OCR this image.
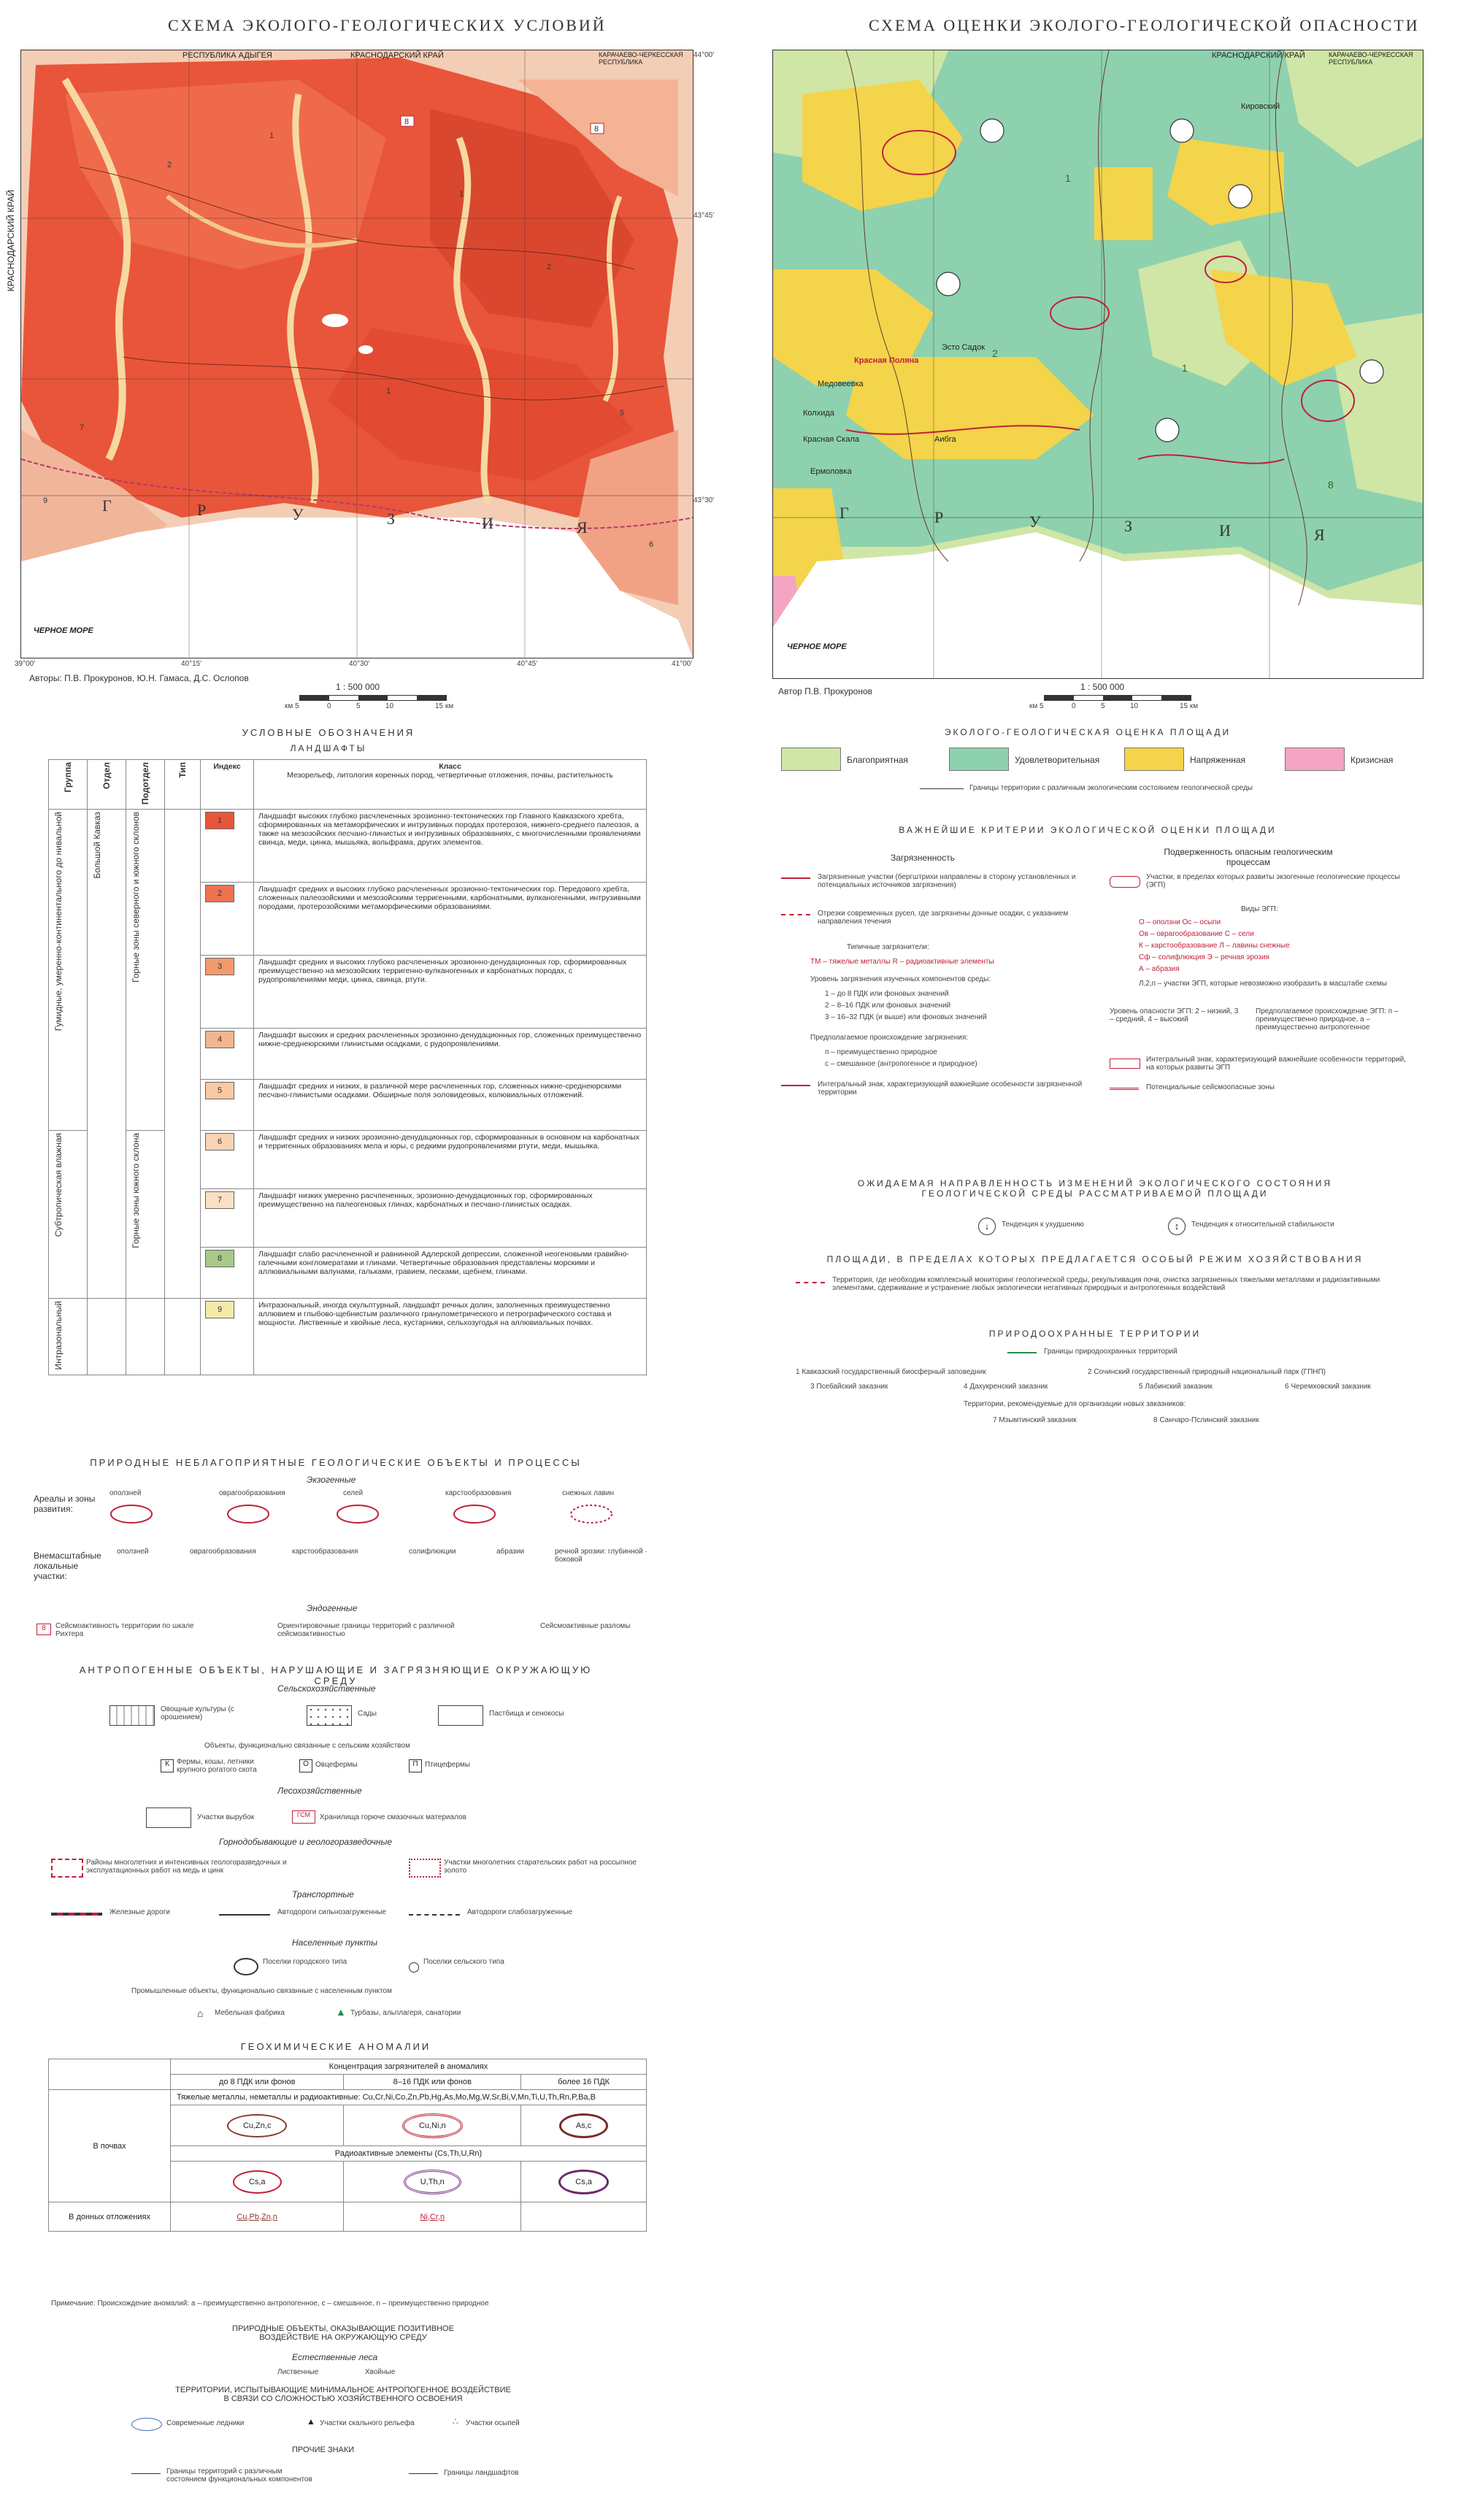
СХЕМА ЭКОЛОГО-ГЕОЛОГИЧЕСКИХ УСЛОВИЙ
8
8
2
1
1
2
1
5
7
9
6
РЕСПУБЛИКА АДЫГЕЯ	КРАСНОДАРСКИЙ КРАЙ	КАРАЧАЕВО-ЧЕРКЕССКАЯ РЕСПУБЛИКА
КРАСНОДАРСКИЙ КРАЙ
ЧЕРНОЕ МОРЕ
Г	Р	У	З	И	Я
40°15'	40°30'	40°45'
39°00'	41°00'
44°00'
43°45'
43°30'
Авторы: П.В. Прокуронов, Ю.Н. Гамаса, Д.С. Ослопов
1 : 500 000
км 5	0	5	10	15 км
СХЕМА ОЦЕНКИ ЭКОЛОГО-ГЕОЛОГИЧЕСКОЙ ОПАСНОСТИ
1
2
1
8
КРАСНОДАРСКИЙ КРАЙ	КАРАЧАЕВО-ЧЕРКЕССКАЯ РЕСПУБЛИКА
Кировский
Красная Поляна
Эсто Садок
Медовеевка
Красная Скала	Аибга
Ермоловка
Колхида
ЧЕРНОЕ МОРЕ
Г	Р	У	З	И	Я
Автор П.В. Прокуронов	1 : 500 000
км 5	0	5	10	15 км
УСЛОВНЫЕ ОБОЗНАЧЕНИЯ
ЛАНДШАФТЫ
Группа	Отдел	Подотдел	Тип	Индекс	Класс
Мезорельеф, литология коренных пород, четвертичные отложения, почвы, растительность

Гумидные, умеренно-континентального до нивальной	Большой Кавказ	Горные зоны северного и южного склонов		1	Ландшафт высоких глубоко расчлененных эрозионно-тектонических гор Главного Кавказского хребта, сформированных на метаморфических и интрузивных породах протерозоя, нижнего-среднего палеозоя, а также на мезозойских песчано-глинистых и интрузивных образованиях, с многочисленными проявлениями свинца, меди, цинка, мышьяка, вольфрама, других элементов.
				2	Ландшафт средних и высоких глубоко расчлененных эрозионно-тектонических гор. Передового хребта, сложенных палеозойскими и мезозойскими терригенными, карбонатными, вулканогенными, интрузивными породами, протерозойскими метаморфическими образованиями.
				3	Ландшафт средних и высоких глубоко расчлененных эрозионно-денудационных гор, сформированных преимущественно на мезозойских терригенно-вулканогенных и карбонатных породах, с рудопроявлениями меди, цинка, свинца, ртути.
				4	Ландшафт высоких и средних расчлененных эрозионно-денудационных гор, сложенных преимущественно нижне-среднеюрскими глинистыми осадками, с рудопроявлениями.
				5	Ландшафт средних и низких, в различной мере расчлененных гор, сложенных нижне-среднеюрскими песчано-глинистыми осадками. Обширные поля эоловидеовых, колювиальных отложений.
Субтропическая влажная		Горные зоны южного склона		6	Ландшафт средних и низких эрозионно-денудационных гор, сформированных в основном на карбонатных и терригенных образованиях мела и юры, с редкими рудопроявлениями ртути, меди, мышьяка.
				7	Ландшафт низких умеренно расчлененных, эрозионно-денудационных гор, сформированных преимущественно на палеогеновых глинах, карбонатных и песчано-глинистых осадках.
				8	Ландшафт слабо расчлененной и равнинной Адлерской депрессии, сложенной неогеновыми гравийно-галечными конгломератами и глинами. Четвертичные образования представлены морскими и аллювиальными валунами, гальками, гравием, песками, щебнем, глинами.
Интразональный				9	Интразональный, иногда скульптурный, ландшафт речных долин, заполненных преимущественно аллювием и глыбово-щебнистым различного гранулометрического и петрографического состава и мощности. Лиственные и хвойные леса, кустарники, сельхозугодья на аллювиальных почвах.
ПРИРОДНЫЕ НЕБЛАГОПРИЯТНЫЕ ГЕОЛОГИЧЕСКИЕ ОБЪЕКТЫ И ПРОЦЕССЫ
Экзогенные
Ареалы и зоны развития:
оползней	оврагообразования	селей	карстообразования	снежных лавин
Внемасштабные локальные участки:
оползней	оврагообразования	карстообразования	солифлюкции	абразии	речной эрозии: глубинной · боковой
Эндогенные
8	Сейсмоактивность территории по шкале Рихтера
Ориентировочные границы территорий с различной сейсмоактивностью
Сейсмоактивные разломы
АНТРОПОГЕННЫЕ ОБЪЕКТЫ, НАРУШАЮЩИЕ И ЗАГРЯЗНЯЮЩИЕ ОКРУЖАЮЩУЮ СРЕДУ
Сельскохозяйственные
Овощные культуры (с орошением)	Сады	Пастбища и сенокосы
Объекты, функционально связанные с сельским хозяйством
К	Фермы, кошы, летники крупного рогатого скота
О Овцефермы	П Птицефермы
Лесохозяйственные
Участки вырубок	ГСМ	Хранилища горюче смазочных материалов
Горнодобывающие и геологоразведочные
Районы многолетних и интенсивных геологоразведочных и эксплуатационных работ на медь и цинк
Участки многолетних старательских работ на россыпное золото
Транспортные
Железные дороги	Автодороги сильнозагруженные	Автодороги слабозагруженные
Населенные пункты
Поселки городского типа	Поселки сельского типа
Промышленные объекты, функционально связанные с населенным пунктом
⌂ Мебельная фабрика	▲ Турбазы, альплагеря, санатории
ГЕОХИМИЧЕСКИЕ АНОМАЛИИ
	Концентрация загрязнителей в аномалиях		
	до 8 ПДК или фонов	8–16 ПДК или фонов	более 16 ПДК
В почвах	Тяжелые металлы, неметаллы и радиоактивные: Cu,Cr,Ni,Co,Zn,Pb,Hg,As,Mo,Mg,W,Sr,Bi,V,Mn,Ti,U,Th,Rn,P,Ba,B		
	Cu,Zn,c	Cu,Ni,n	As,c
	Радиоактивные элементы (Cs,Th,U,Rn)		
	Cs,a	U,Th,n	Cs,a
В донных отложениях	Cu,Pb,Zn,n	Ni,Cr,n	
Примечание: Происхождение аномалий: а – преимущественно антропогенное, с – смешанное, n – преимущественно природное
ПРИРОДНЫЕ ОБЪЕКТЫ, ОКАЗЫВАЮЩИЕ ПОЗИТИВНОЕ ВОЗДЕЙСТВИЕ НА ОКРУЖАЮЩУЮ СРЕДУ
Естественные леса
Лиственные	Хвойные
ТЕРРИТОРИИ, ИСПЫТЫВАЮЩИЕ МИНИМАЛЬНОЕ АНТРОПОГЕННОЕ ВОЗДЕЙСТВИЕ В СВЯЗИ СО СЛОЖНОСТЬЮ ХОЗЯЙСТВЕННОГО ОСВОЕНИЯ
Современные ледники	▲ Участки скального рельефа	∴ Участки осыпей
ПРОЧИЕ ЗНАКИ
Границы территорий с различным состоянием функциональных компонентов
Границы ландшафтов
ЭКОЛОГО-ГЕОЛОГИЧЕСКАЯ ОЦЕНКА ПЛОЩАДИ
Благоприятная	Удовлетворительная	Напряженная	Кризисная
Границы территории с различным экологическим состоянием геологической среды
ВАЖНЕЙШИЕ КРИТЕРИИ ЭКОЛОГИЧЕСКОЙ ОЦЕНКИ ПЛОЩАДИ
Загрязненность
Подверженность опасным геологическим процессам
Загрязненные участки (бергштрихи направлены в сторону установленных и потенциальных источников загрязнения)
Отрезки современных русел, где загрязнены донные осадки, с указанием направления течения
Типичные загрязнители:
ТМ – тяжелые металлы R – радиоактивные элементы
Уровень загрязнения изученных компонентов среды:
1 – до 8 ПДК или фоновых значений
2 – 8–16 ПДК или фоновых значений
3 – 16–32 ПДК (и выше) или фоновых значений
Предполагаемое происхождение загрязнения:
п – преимущественно природное
с – смешанное (антропогенное и природное)
Интегральный знак, характеризующий важнейшие особенности загрязненной территории
Участки, в пределах которых развиты экзогенные геологические процессы (ЭГП)
Виды ЭГП:
О – оползни Ос – осыпи
Ов – оврагообразование С – сели
К – карстообразование Л – лавины снежные
Сф – солифлюкция Э – речная эрозия
А – абразия
Л,2,п – участки ЭГП, которые невозможно изобразить в масштабе схемы
Уровень опасности ЭГП: 2 – низкий, 3 – средний, 4 – высокий
Предполагаемое происхождение ЭГП: п – преимущественно природное, а – преимущественно антропогенное
Интегральный знак, характеризующий важнейшие особенности территорий, на которых развиты ЭГП
Потенциальные сейсмоопасные зоны
ОЖИДАЕМАЯ НАПРАВЛЕННОСТЬ ИЗМЕНЕНИЙ ЭКОЛОГИЧЕСКОГО СОСТОЯНИЯ ГЕОЛОГИЧЕСКОЙ СРЕДЫ РАССМАТРИВАЕМОЙ ПЛОЩАДИ
↓	Тенденция к ухудшению	↕	Тенденция к относительной стабильности
ПЛОЩАДИ, В ПРЕДЕЛАХ КОТОРЫХ ПРЕДЛАГАЕТСЯ ОСОБЫЙ РЕЖИМ ХОЗЯЙСТВОВАНИЯ
Территория, где необходим комплексный мониторинг геологической среды, рекультивация почв, очистка загрязненных тяжелыми металлами и радиоактивными элементами, сдерживание и устранение любых экологически негативных природных и антропогенных воздействий
ПРИРОДООХРАННЫЕ ТЕРРИТОРИИ
Границы природоохранных территорий
1 Кавказский государственный биосферный заповедник	2 Сочинский государственный природный национальный парк (ГПНП)
3 Псебайский заказник	4 Дахукренский заказник	5 Лабинский заказник	6 Черемховский заказник
Территории, рекомендуемые для организации новых заказников:
7 Мзымтинский заказник	8 Санчаро-Пслинский заказник
